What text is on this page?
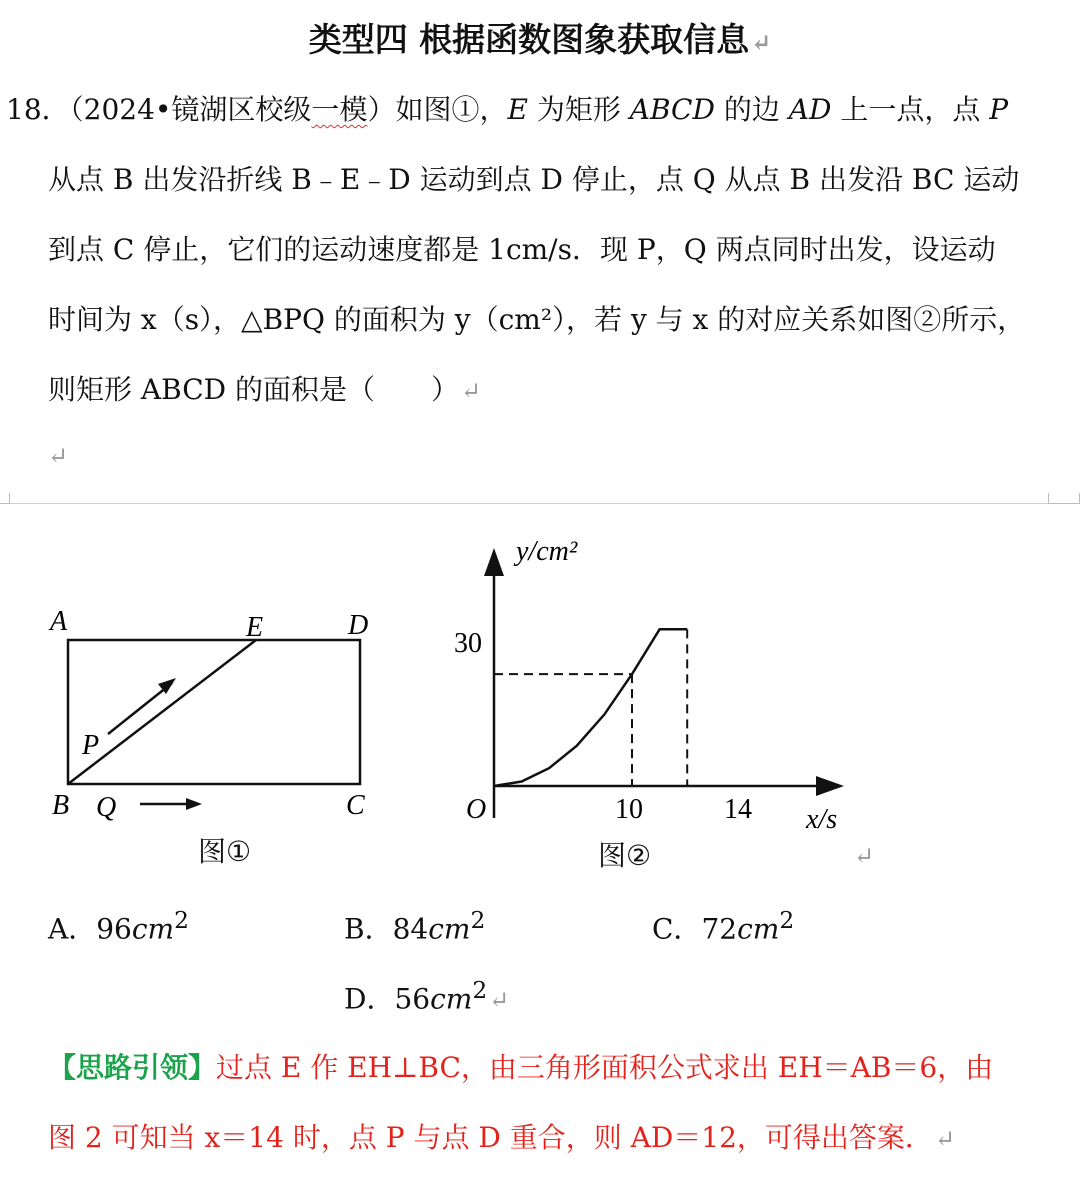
类型四 根据函数图象获取信息↵
18．（2024•镜湖区校级一模）如图①，E 为矩形 ABCD 的边 AD 上一点，点 P
从点 B 出发沿折线 B﹣E﹣D 运动到点 D 停止，点 Q 从点 B 出发沿 BC 运动
到点 C 停止，它们的运动速度都是 1cm/s．现 P，Q 两点同时出发，设运动
时间为 x（s），△BPQ 的面积为 y（cm²），若 y 与 x 的对应关系如图②所示，
则矩形 ABCD 的面积是（　　）↵
↵
A	E	D
P
B Q	C
图①
y/cm²
30
O	10	14 x/s
图②	↵
A．$96cm^2$	B．$84cm^2$	C．$72cm^2$
D．$56cm^2↵$
【思路引领】过点 E 作 EH⊥BC，由三角形面积公式求出 EH＝AB＝6，由
图 2 可知当 x＝14 时，点 P 与点 D 重合，则 AD＝12，可得出答案．↵
